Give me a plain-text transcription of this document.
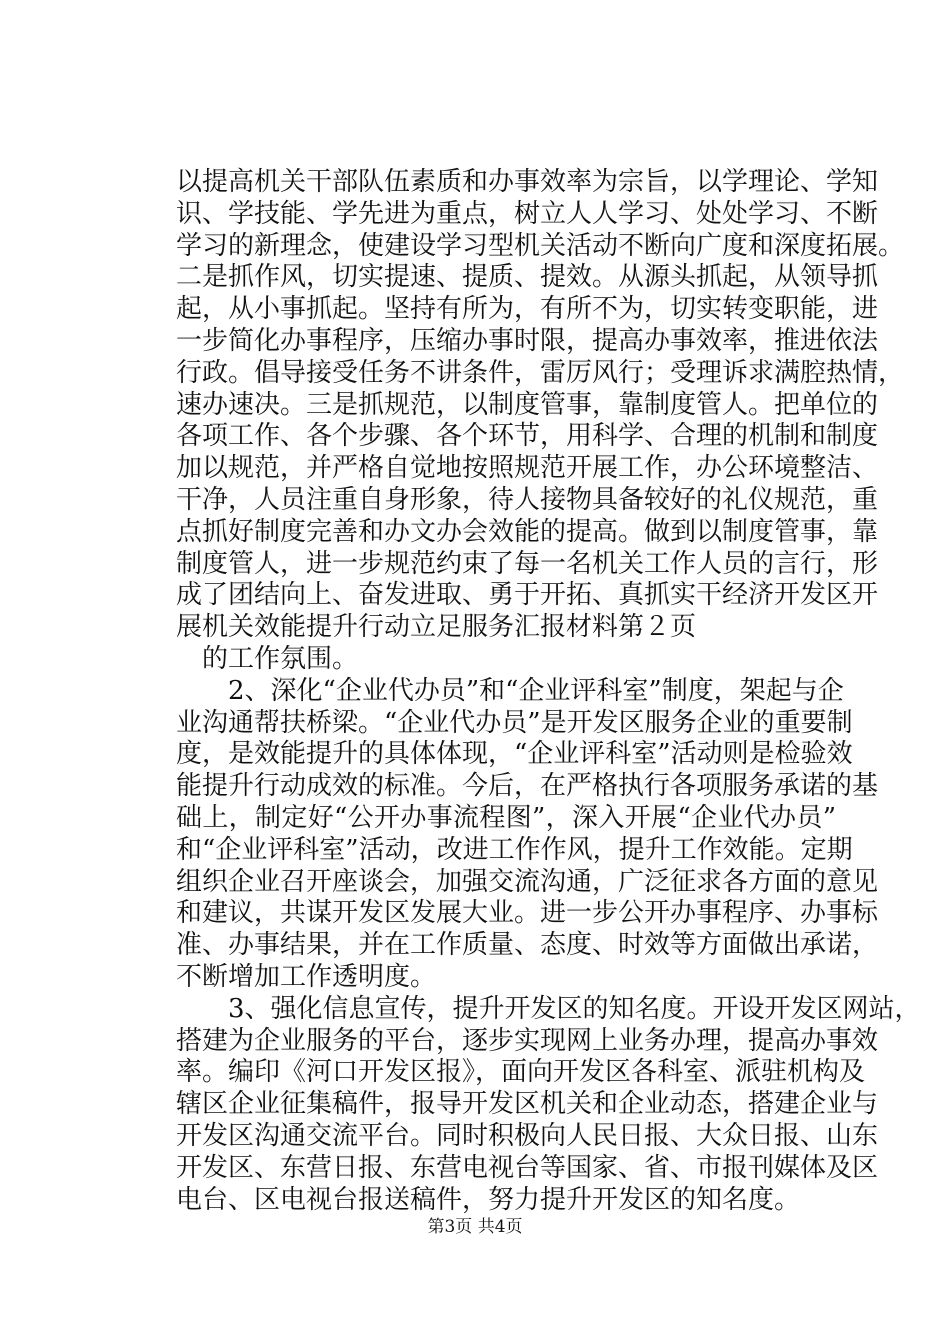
以提高机关干部队伍素质和办事效率为宗旨，以学理论、学知
识、学技能、学先进为重点，树立人人学习、处处学习、不断
学习的新理念，使建设学习型机关活动不断向广度和深度拓展。
二是抓作风，切实提速、提质、提效。从源头抓起，从领导抓
起，从小事抓起。坚持有所为，有所不为，切实转变职能，进
一步简化办事程序，压缩办事时限，提高办事效率，推进依法
行政。倡导接受任务不讲条件，雷厉风行；受理诉求满腔热情，
速办速决。三是抓规范，以制度管事，靠制度管人。把单位的
各项工作、各个步骤、各个环节，用科学、合理的机制和制度
加以规范，并严格自觉地按照规范开展工作，办公环境整洁、
干净，人员注重自身形象，待人接物具备较好的礼仪规范，重
点抓好制度完善和办文办会效能的提高。做到以制度管事，靠
制度管人，进一步规范约束了每一名机关工作人员的言行，形
成了团结向上、奋发进取、勇于开拓、真抓实干经济开发区开
展机关效能提升行动立足服务汇报材料第２页
　的工作氛围。
　　2、深化“企业代办员”和“企业评科室”制度，架起与企
业沟通帮扶桥梁。“企业代办员”是开发区服务企业的重要制
度，是效能提升的具体体现，“企业评科室”活动则是检验效
能提升行动成效的标准。今后，在严格执行各项服务承诺的基
础上，制定好“公开办事流程图”，深入开展“企业代办员”
和“企业评科室”活动，改进工作作风，提升工作效能。定期
组织企业召开座谈会，加强交流沟通，广泛征求各方面的意见
和建议，共谋开发区发展大业。进一步公开办事程序、办事标
准、办事结果，并在工作质量、态度、时效等方面做出承诺，
不断增加工作透明度。
　　3、强化信息宣传，提升开发区的知名度。开设开发区网站，
搭建为企业服务的平台，逐步实现网上业务办理，提高办事效
率。编印《河口开发区报》，面向开发区各科室、派驻机构及
辖区企业征集稿件，报导开发区机关和企业动态，搭建企业与
开发区沟通交流平台。同时积极向人民日报、大众日报、山东
开发区、东营日报、东营电视台等国家、省、市报刊媒体及区
电台、区电视台报送稿件，努力提升开发区的知名度。
第3页 共4页
